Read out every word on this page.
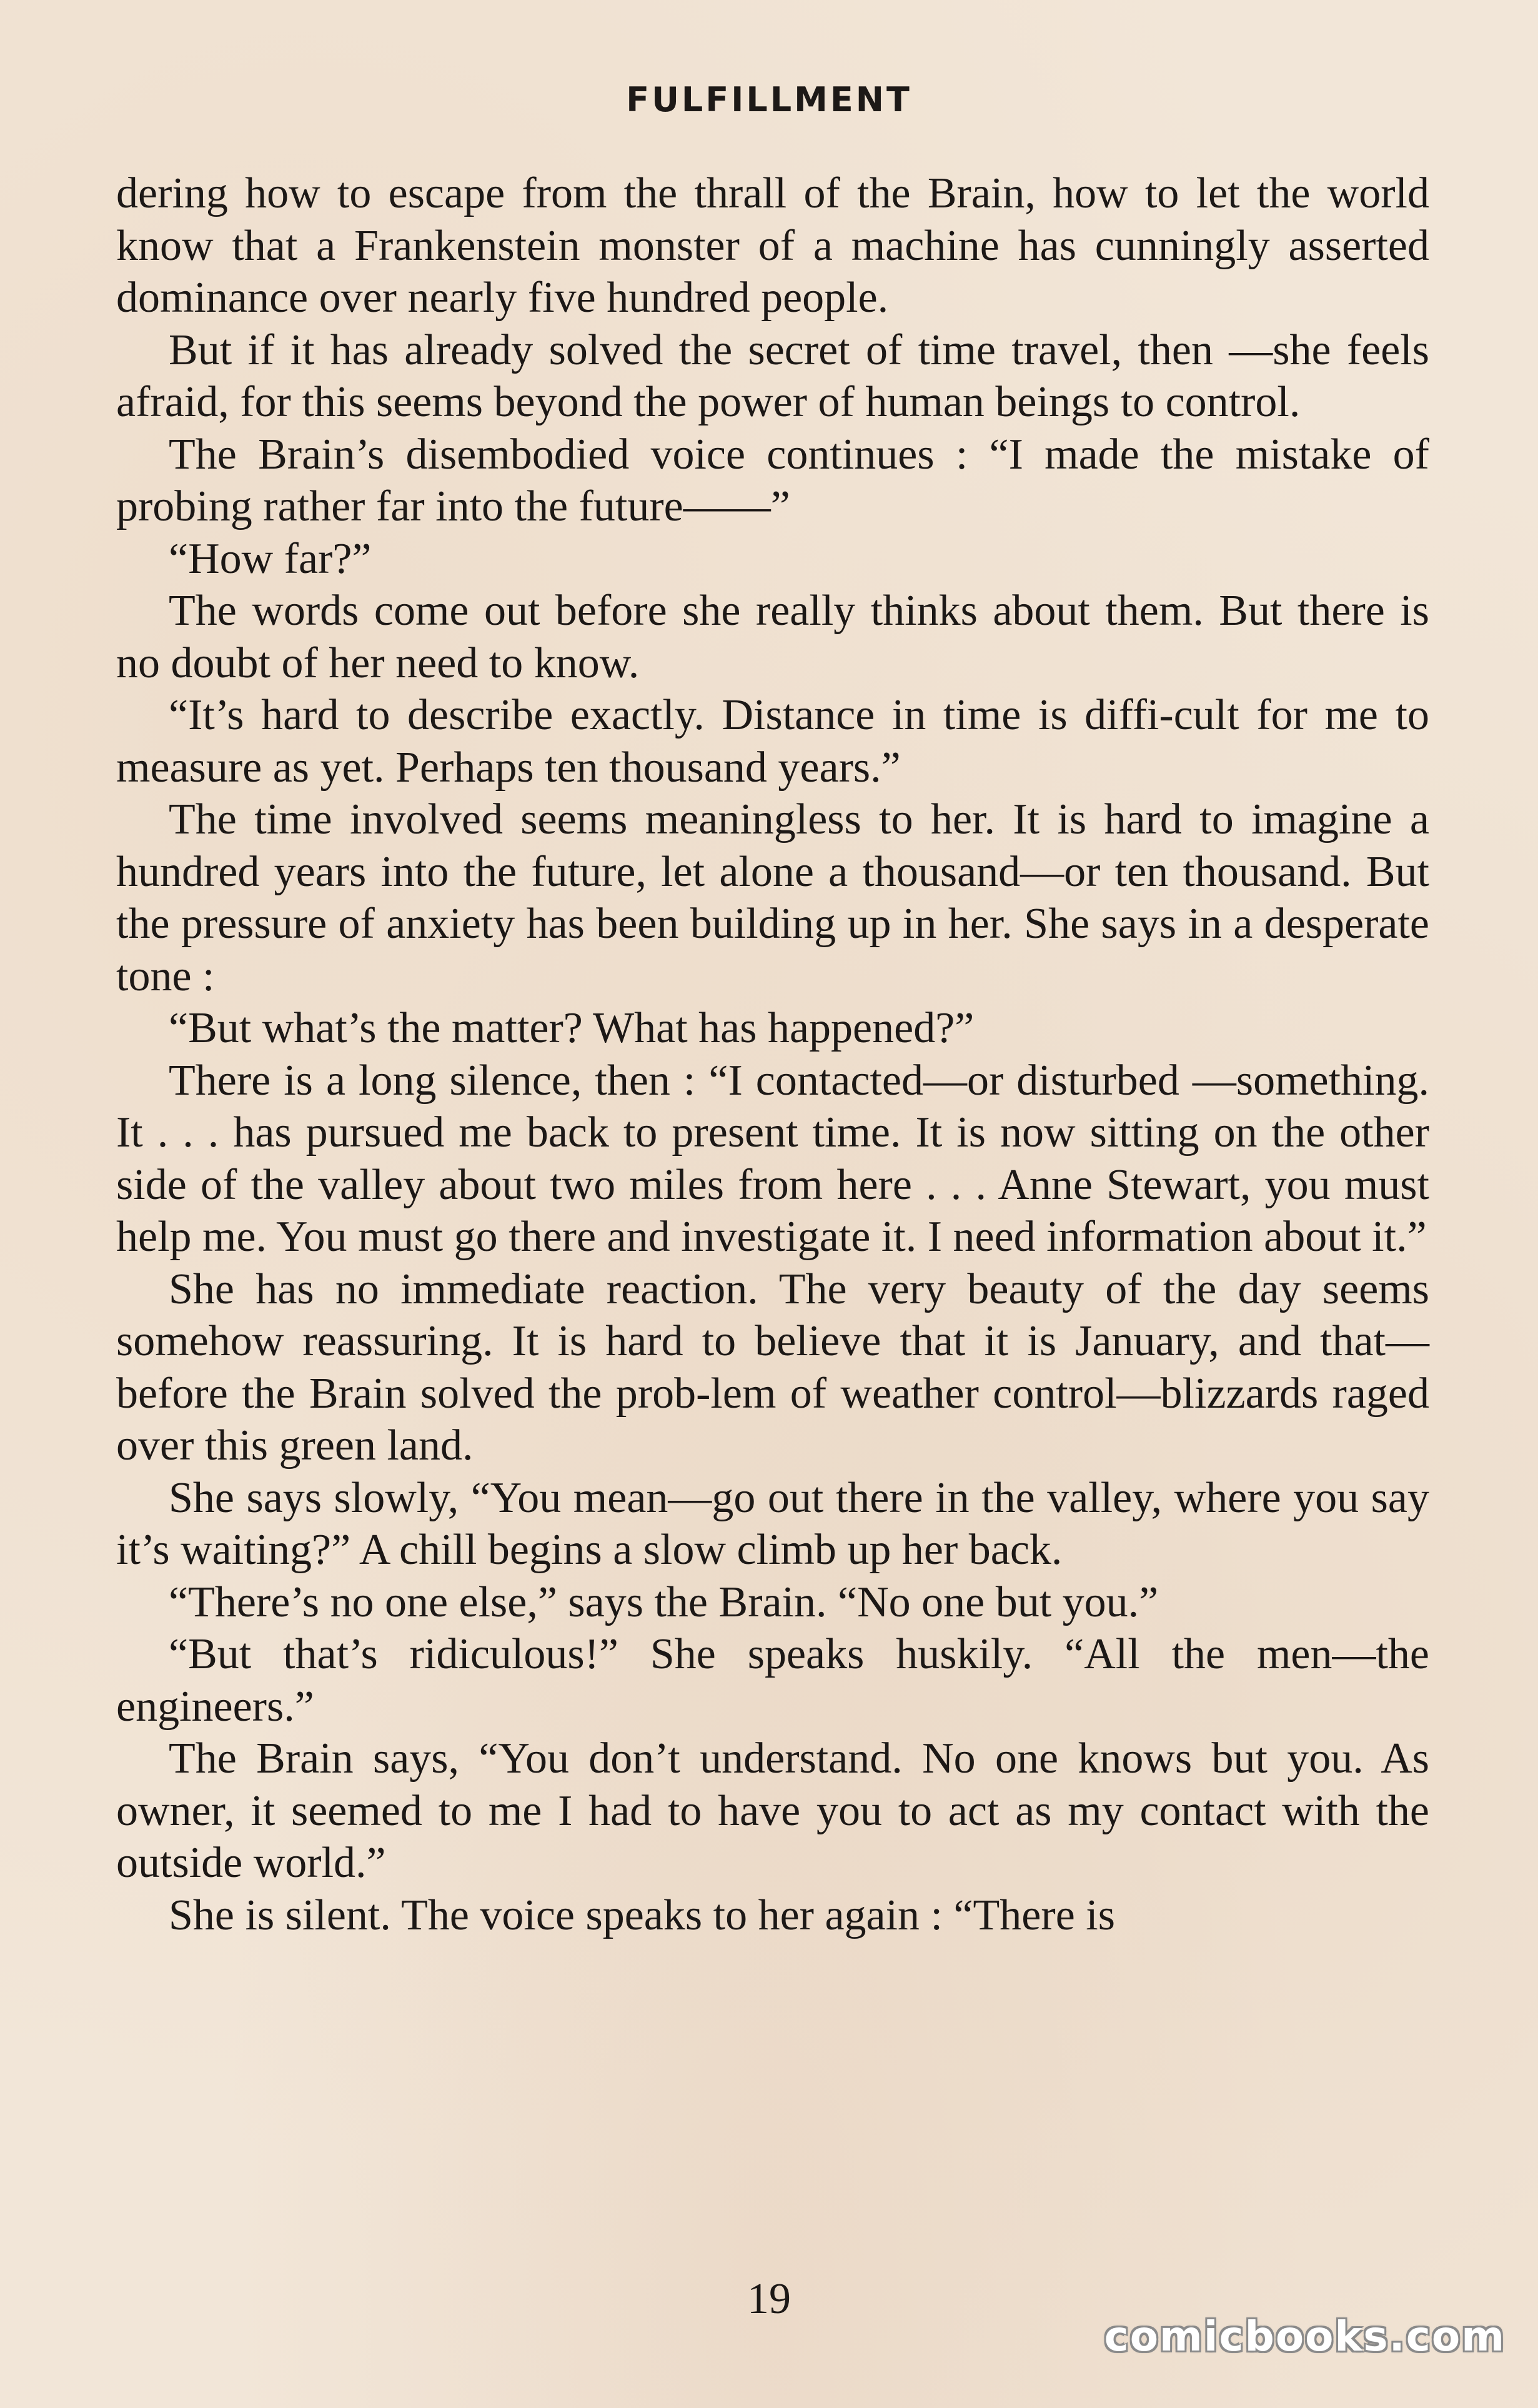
FULFILLMENT

dering how to escape from the thrall of the Brain, how to let the world know that a Frankenstein monster of a machine has cunningly asserted dominance over nearly five hundred people.

But if it has already solved the secret of time travel, then —she feels afraid, for this seems beyond the power of human beings to control.

The Brain’s disembodied voice continues : “I made the mistake of probing rather far into the future——”

“How far?”

The words come out before she really thinks about them. But there is no doubt of her need to know.

“It’s hard to describe exactly. Distance in time is diffi-cult for me to measure as yet. Perhaps ten thousand years.”

The time involved seems meaningless to her. It is hard to imagine a hundred years into the future, let alone a thousand—or ten thousand. But the pressure of anxiety has been building up in her. She says in a desperate tone :

“But what’s the matter? What has happened?”

There is a long silence, then : “I contacted—or disturbed —something. It . . . has pursued me back to present time. It is now sitting on the other side of the valley about two miles from here . . . Anne Stewart, you must help me. You must go there and investigate it. I need information about it.”

She has no immediate reaction. The very beauty of the day seems somehow reassuring. It is hard to believe that it is January, and that—before the Brain solved the prob-lem of weather control—blizzards raged over this green land.

She says slowly, “You mean—go out there in the valley, where you say it’s waiting?” A chill begins a slow climb up her back.

“There’s no one else,” says the Brain. “No one but you.”

“But that’s ridiculous!” She speaks huskily. “All the men—the engineers.”

The Brain says, “You don’t understand. No one knows but you. As owner, it seemed to me I had to have you to act as my contact with the outside world.”

She is silent. The voice speaks to her again : “There is

19
comicbooks.com
